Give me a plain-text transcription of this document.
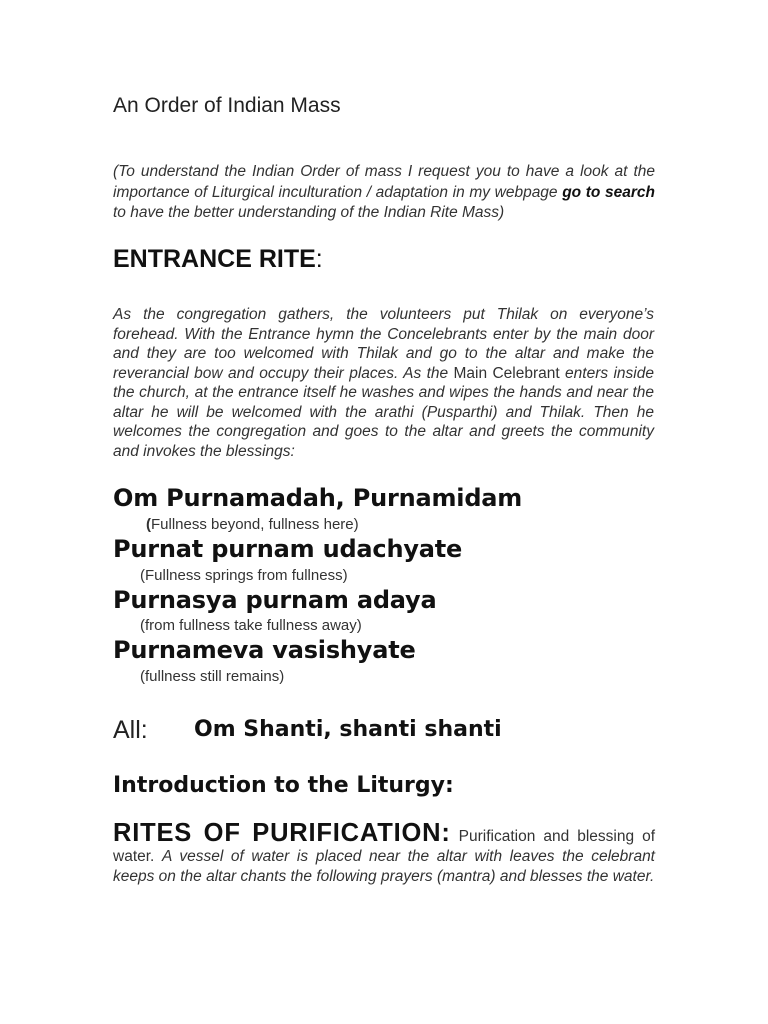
An Order of Indian Mass

(To understand the Indian Order of mass I request you to have a look at the importance of Liturgical inculturation / adaptation in my webpage go to search to have the better understanding of the Indian Rite Mass)

ENTRANCE RITE:

As the congregation gathers, the volunteers put Thilak on everyone’s forehead. With the Entrance hymn the Concelebrants enter by the main door and they are too welcomed with Thilak and go to the altar and make the reverancial bow and occupy their places. As the Main Celebrant enters inside the church, at the entrance itself he washes and wipes the hands and near the altar he will be welcomed with the arathi (Pusparthi) and Thilak. Then he welcomes the congregation and goes to the altar and greets the community and invokes the blessings:

Om Purnamadah, Purnamidam

(Fullness beyond, fullness here)

Purnat purnam udachyate

(Fullness springs from fullness)

Purnasya purnam adaya

(from fullness take fullness away)

Purnameva vasishyate

(fullness still remains)

All: Om Shanti, shanti shanti

Introduction to the Liturgy:

RITES OF PURIFICATION: Purification and blessing of water. A vessel of water is placed near the altar with leaves the celebrant keeps on the altar chants the following prayers (mantra) and blesses the water.
